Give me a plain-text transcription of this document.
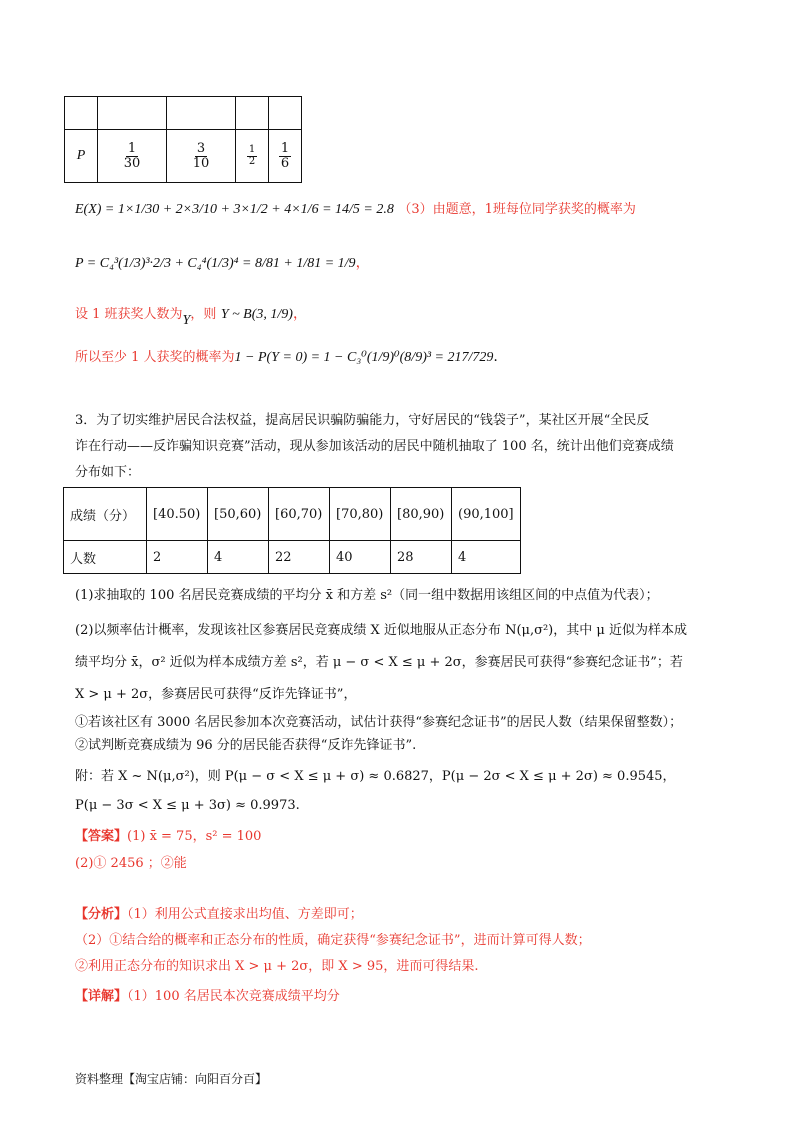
P	$\frac{1}{30}$	$\frac{3}{10}$	$\frac{1}{2}$	$\frac{1}{6}$
E(X) = 1×1/30 + 2×3/10 + 3×1/2 + 4×1/6 = 14/5 = 2.8 （3）由题意，1班每位同学获奖的概率为
P = C₄³(1/3)³·2/3 + C₄⁴(1/3)⁴ = 8/81 + 1/81 = 1/9，
设 1 班获奖人数为Y，则 Y ~ B(3, 1/9)，
所以至少 1 人获奖的概率为1 − P(Y = 0) = 1 − C₃⁰(1/9)⁰(8/9)³ = 217/729.
3．为了切实维护居民合法权益，提高居民识骗防骗能力，守好居民的“钱袋子”，某社区开展“全民反
诈在行动——反诈骗知识竞赛”活动，现从参加该活动的居民中随机抽取了 100 名，统计出他们竞赛成绩
分布如下：
成绩（分）	[40.50)	[50,60)	[60,70)	[70,80)	[80,90)	(90,100]
人数	2	4	22	40	28	4
(1)求抽取的 100 名居民竞赛成绩的平均分 x̄ 和方差 s²（同一组中数据用该组区间的中点值为代表）；
(2)以频率估计概率，发现该社区参赛居民竞赛成绩 X 近似地服从正态分布 N(μ,σ²)，其中 μ 近似为样本成
绩平均分 x̄，σ² 近似为样本成绩方差 s²，若 μ − σ < X ≤ μ + 2σ，参赛居民可获得“参赛纪念证书”；若
X > μ + 2σ，参赛居民可获得“反诈先锋证书”，
①若该社区有 3000 名居民参加本次竞赛活动，试估计获得“参赛纪念证书”的居民人数（结果保留整数）；
②试判断竞赛成绩为 96 分的居民能否获得“反诈先锋证书”.
附：若 X ~ N(μ,σ²)，则 P(μ − σ < X ≤ μ + σ) ≈ 0.6827，P(μ − 2σ < X ≤ μ + 2σ) ≈ 0.9545，
P(μ − 3σ < X ≤ μ + 3σ) ≈ 0.9973.
【答案】(1) x̄ = 75，s² = 100
(2)① 2456 ；②能
【分析】（1）利用公式直接求出均值、方差即可；
（2）①结合给的概率和正态分布的性质，确定获得“参赛纪念证书”，进而计算可得人数；
②利用正态分布的知识求出 X > μ + 2σ，即 X > 95，进而可得结果.
【详解】（1）100 名居民本次竞赛成绩平均分
资料整理【淘宝店铺：向阳百分百】
